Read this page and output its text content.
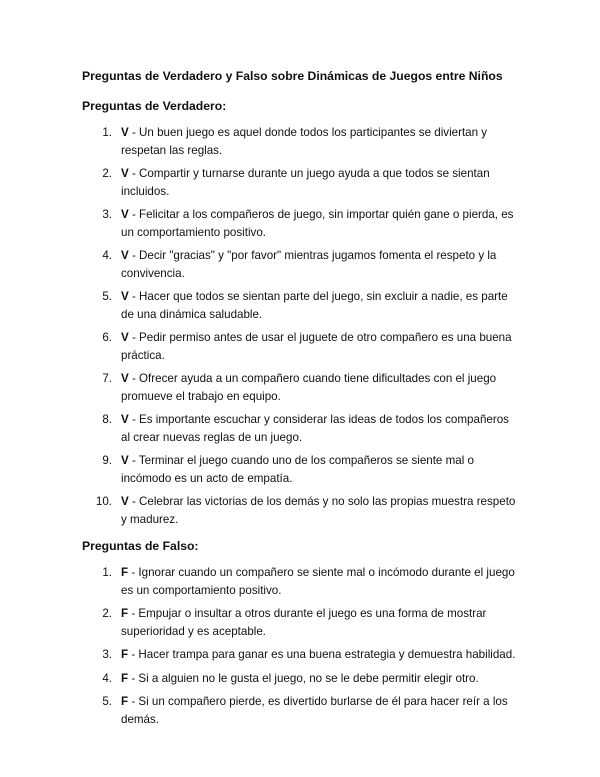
Preguntas de Verdadero y Falso sobre Dinámicas de Juegos entre Niños
Preguntas de Verdadero:
1. V - Un buen juego es aquel donde todos los participantes se diviertan y respetan las reglas.
2. V - Compartir y turnarse durante un juego ayuda a que todos se sientan incluidos.
3. V - Felicitar a los compañeros de juego, sin importar quién gane o pierda, es un comportamiento positivo.
4. V - Decir "gracias" y "por favor" mientras jugamos fomenta el respeto y la convivencia.
5. V - Hacer que todos se sientan parte del juego, sin excluir a nadie, es parte de una dinámica saludable.
6. V - Pedir permiso antes de usar el juguete de otro compañero es una buena práctica.
7. V - Ofrecer ayuda a un compañero cuando tiene dificultades con el juego promueve el trabajo en equipo.
8. V - Es importante escuchar y considerar las ideas de todos los compañeros al crear nuevas reglas de un juego.
9. V - Terminar el juego cuando uno de los compañeros se siente mal o incómodo es un acto de empatía.
10. V - Celebrar las victorias de los demás y no solo las propias muestra respeto y madurez.
Preguntas de Falso:
1. F - Ignorar cuando un compañero se siente mal o incómodo durante el juego es un comportamiento positivo.
2. F - Empujar o insultar a otros durante el juego es una forma de mostrar superioridad y es aceptable.
3. F - Hacer trampa para ganar es una buena estrategia y demuestra habilidad.
4. F - Si a alguien no le gusta el juego, no se le debe permitir elegir otro.
5. F - Si un compañero pierde, es divertido burlarse de él para hacer reír a los demás.
